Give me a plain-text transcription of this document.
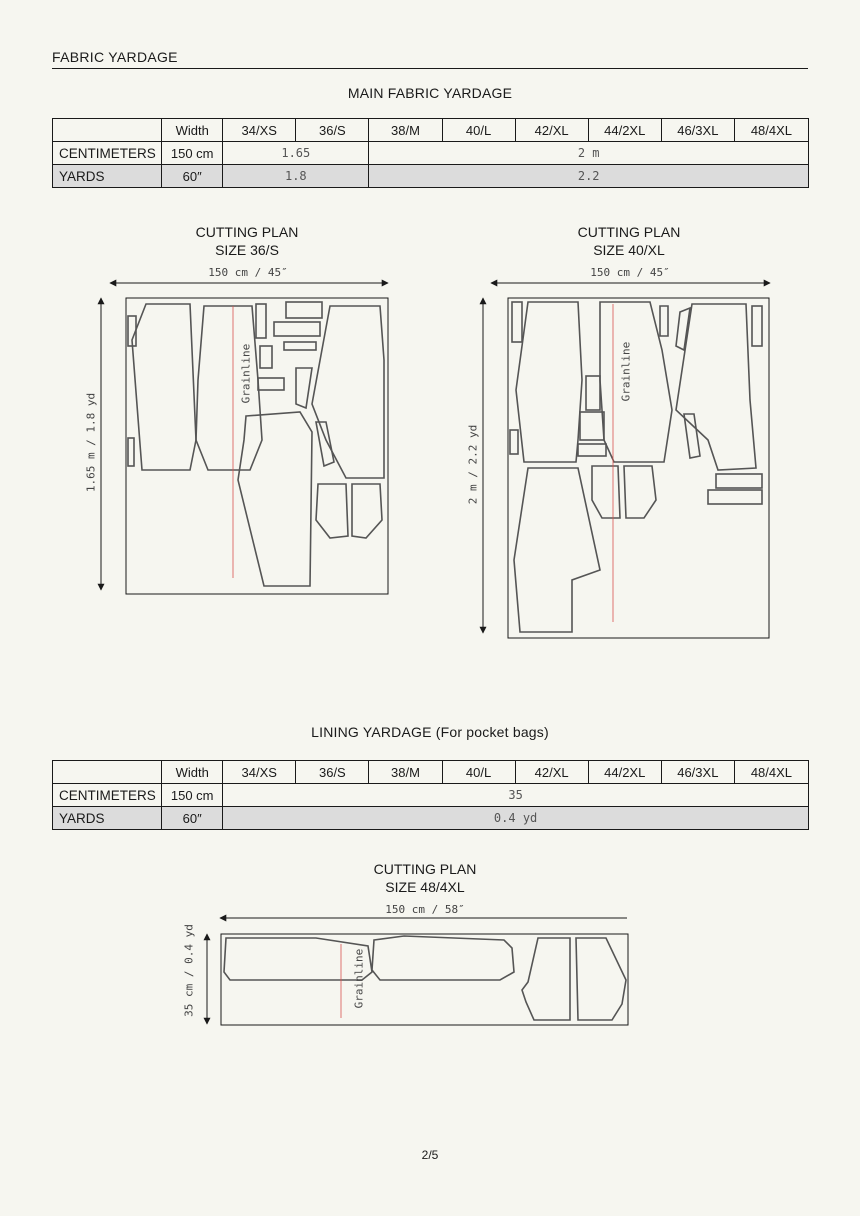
FABRIC YARDAGE
MAIN FABRIC YARDAGE
	Width	34/XS	36/S	38/M	40/L	42/XL	44/2XL	46/3XL	48/4XL
CENTIMETERS	150 cm	1.65		2 m					
YARDS	60″	1.8		2.2					
CUTTING PLAN
SIZE 36/S
150 cm / 45″
1.65 m / 1.8 yd
Grainline
CUTTING PLAN
SIZE 40/XL
150 cm / 45″
2 m / 2.2 yd
Grainline
LINING YARDAGE (For pocket bags)
	Width	34/XS	36/S	38/M	40/L	42/XL	44/2XL	46/3XL	48/4XL
CENTIMETERS	150 cm	35							
YARDS	60″	0.4 yd							
CUTTING PLAN
SIZE 48/4XL
150 cm / 58″
35 cm / 0.4 yd	Grainline
2/5
